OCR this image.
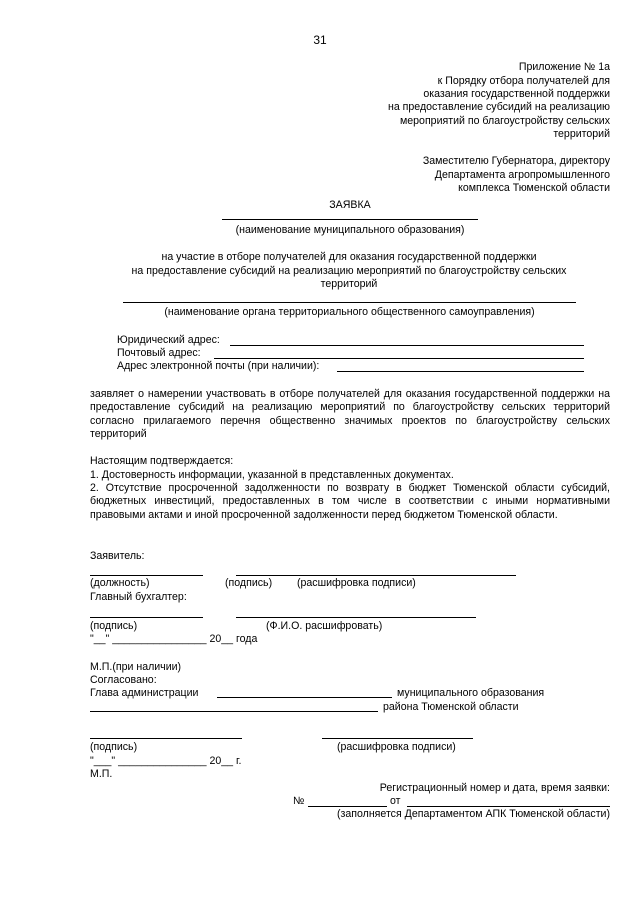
31
Приложение № 1а
к Порядку отбора получателей для
оказания государственной поддержки
на предоставление субсидий на реализацию
мероприятий по благоустройству сельских
территорий
Заместителю Губернатора, директору
Департамента агропромышленного
комплекса Тюменской области
ЗАЯВКА
(наименование муниципального образования)
на участие в отборе получателей для оказания государственной поддержки
на предоставление субсидий на реализацию мероприятий по благоустройству сельских
территорий
(наименование органа территориального общественного самоуправления)
Юридический адрес:
Почтовый адрес:
Адрес электронной почты (при наличии):
заявляет о намерении участвовать в отборе получателей для оказания государственной поддержки на предоставление субсидий на реализацию мероприятий по благоустройству сельских территорий согласно прилагаемого перечня общественно значимых проектов по благоустройству сельских территорий
Настоящим подтверждается:
1. Достоверность информации, указанной в представленных документах.
2. Отсутствие просроченной задолженности по возврату в бюджет Тюменской области субсидий, бюджетных инвестиций, предоставленных в том числе в соответствии с иными нормативными правовыми актами и иной просроченной задолженности перед бюджетом Тюменской области.
Заявитель:
(должность)	(подпись) (расшифровка подписи)
Главный бухгалтер:
(подпись)	(Ф.И.О. расшифровать)
"__" ________________ 20__ года
М.П.(при наличии)
Согласовано:
Глава администрации	муниципального образования
района Тюменской области
(подпись)	(расшифровка подписи)
"___" _______________ 20__ г.
М.П.
Регистрационный номер и дата, время заявки:
№	от
(заполняется Департаментом АПК Тюменской области)
